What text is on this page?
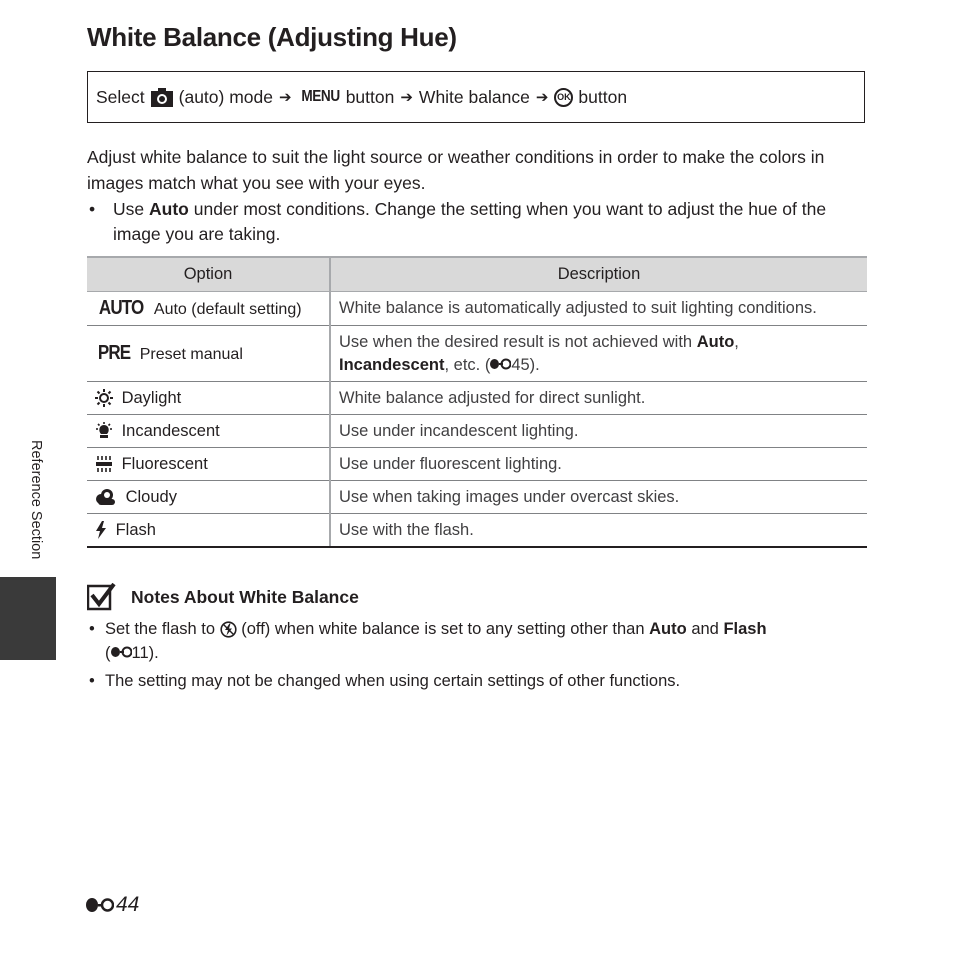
White Balance (Adjusting Hue)
Select (auto) mode ➔ MENU button ➔ White balance ➔ OK button

Adjust white balance to suit the light source or weather conditions in order to make the colors in images match what you see with your eyes.

•	Use Auto under most conditions. Change the setting when you want to adjust the hue of the image you are taking.
Option	Description
AUTO Auto (default setting)	White balance is automatically adjusted to suit lighting conditions.
PRE Preset manual	Use when the desired result is not achieved with Auto,
Incandescent, etc. ( 45).

Daylight	White balance adjusted for direct sunlight.

Incandescent	Use under incandescent lighting.

Fluorescent	Use under fluorescent lighting.

Cloudy	Use when taking images under overcast skies.

Flash	Use with the flash.
Notes About White Balance
• Set the flash to (off) when white balance is set to any setting other than Auto and Flash
( 11).
• The setting may not be changed when using certain settings of other functions.
Reference Section
44
